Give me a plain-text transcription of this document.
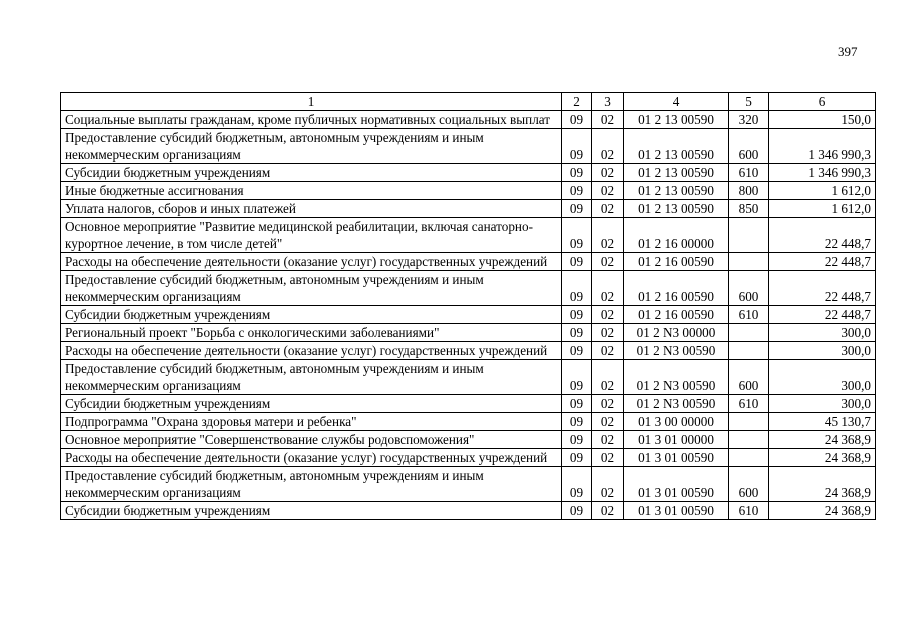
397
1	2	3	4	5	6
Социальные выплаты гражданам, кроме публичных нормативных социальных выплат	09	02	01 2 13 00590	320	150,0
Предоставление субсидий бюджетным, автономным учреждениям и иным некоммерческим организациям	09	02	01 2 13 00590	600	1 346 990,3
Субсидии бюджетным учреждениям	09	02	01 2 13 00590	610	1 346 990,3
Иные бюджетные ассигнования	09	02	01 2 13 00590	800	1 612,0
Уплата налогов, сборов и иных платежей	09	02	01 2 13 00590	850	1 612,0
Основное мероприятие "Развитие медицинской реабилитации, включая санаторно-курортное лечение, в том числе детей"	09	02	01 2 16 00000		22 448,7
Расходы на обеспечение деятельности (оказание услуг) государственных учреждений	09	02	01 2 16 00590		22 448,7
Предоставление субсидий бюджетным, автономным учреждениям и иным некоммерческим организациям	09	02	01 2 16 00590	600	22 448,7
Субсидии бюджетным учреждениям	09	02	01 2 16 00590	610	22 448,7
Региональный проект "Борьба с онкологическими заболеваниями"	09	02	01 2 N3 00000		300,0
Расходы на обеспечение деятельности (оказание услуг) государственных учреждений	09	02	01 2 N3 00590		300,0
Предоставление субсидий бюджетным, автономным учреждениям и иным некоммерческим организациям	09	02	01 2 N3 00590	600	300,0
Субсидии бюджетным учреждениям	09	02	01 2 N3 00590	610	300,0
Подпрограмма "Охрана здоровья матери и ребенка"	09	02	01 3 00 00000		45 130,7
Основное мероприятие "Совершенствование службы родовспоможения"	09	02	01 3 01 00000		24 368,9
Расходы на обеспечение деятельности (оказание услуг) государственных учреждений	09	02	01 3 01 00590		24 368,9
Предоставление субсидий бюджетным, автономным учреждениям и иным некоммерческим организациям	09	02	01 3 01 00590	600	24 368,9
Субсидии бюджетным учреждениям	09	02	01 3 01 00590	610	24 368,9
